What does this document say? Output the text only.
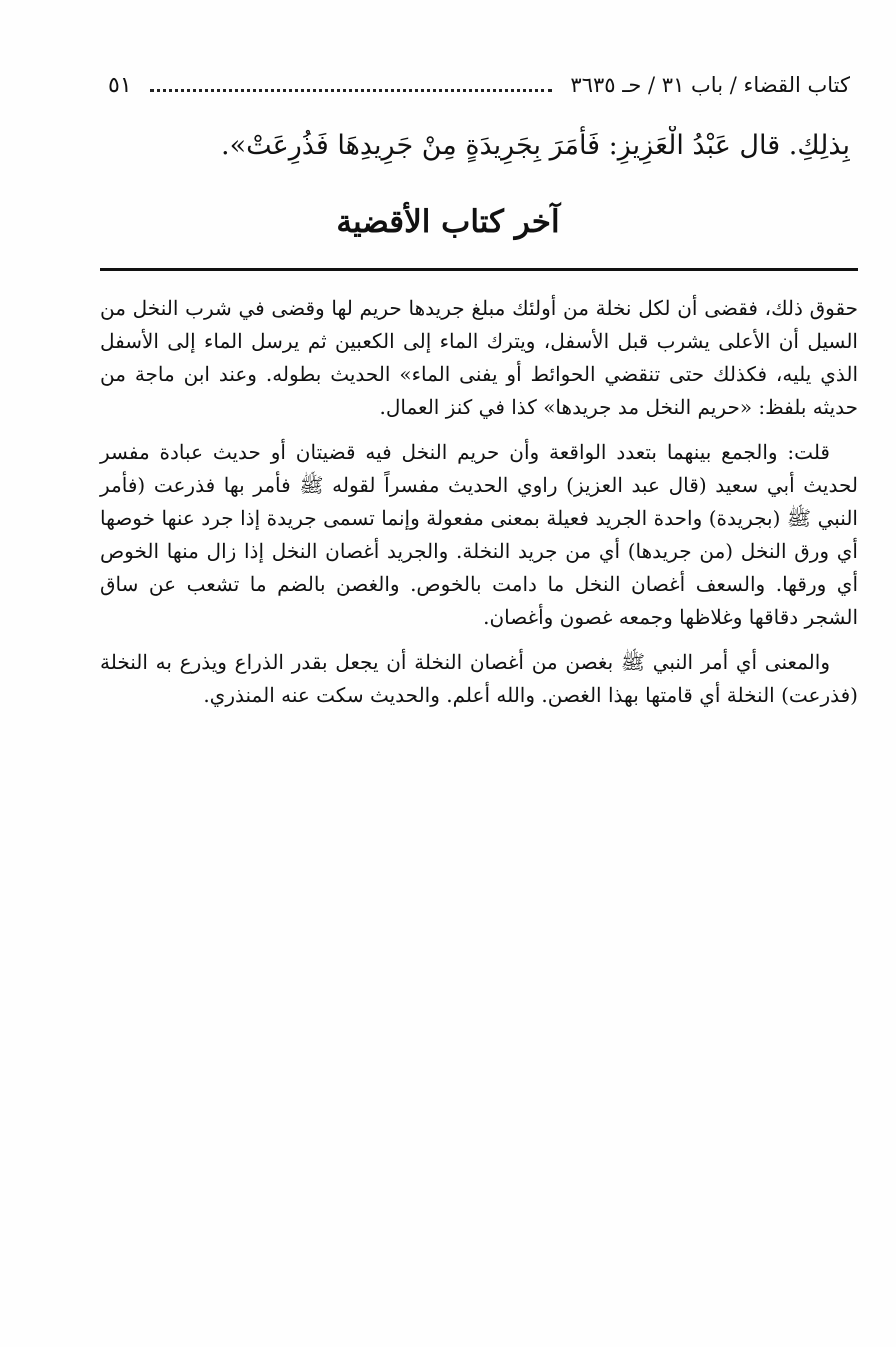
كتاب القضاء / باب ٣١ / حـ ٣٦٣٥
٥١
بِذلِكِ. قال عَبْدُ الْعَزِيزِ: فَأَمَرَ بِجَرِيدَةٍ مِنْ جَرِيدِهَا فَذُرِعَتْ».
آخر كتاب الأقضية

حقوق ذلك، فقضى أن لكل نخلة من أولئك مبلغ جريدها حريم لها وقضى في شرب النخل من السيل أن الأعلى يشرب قبل الأسفل، ويترك الماء إلى الكعبين ثم يرسل الماء إلى الأسفل الذي يليه، فكذلك حتى تنقضي الحوائط أو يفنى الماء» الحديث بطوله. وعند ابن ماجة من حديثه بلفظ: «حريم النخل مد جريدها» كذا في كنز العمال.

قلت: والجمع بينهما بتعدد الواقعة وأن حريم النخل فيه قضيتان أو حديث عبادة مفسر لحديث أبي سعيد (قال عبد العزيز) راوي الحديث مفسراً لقوله ﷺ فأمر بها فذرعت (فأمر النبي ﷺ (بجريدة) واحدة الجريد فعيلة بمعنى مفعولة وإنما تسمى جريدة إذا جرد عنها خوصها أي ورق النخل (من جريدها) أي من جريد النخلة. والجريد أغصان النخل إذا زال منها الخوص أي ورقها. والسعف أغصان النخل ما دامت بالخوص. والغصن بالضم ما تشعب عن ساق الشجر دقاقها وغلاظها وجمعه غصون وأغصان.

والمعنى أي أمر النبي ﷺ بغصن من أغصان النخلة أن يجعل بقدر الذراع ويذرع به النخلة (فذرعت) النخلة أي قامتها بهذا الغصن. والله أعلم. والحديث سكت عنه المنذري.
